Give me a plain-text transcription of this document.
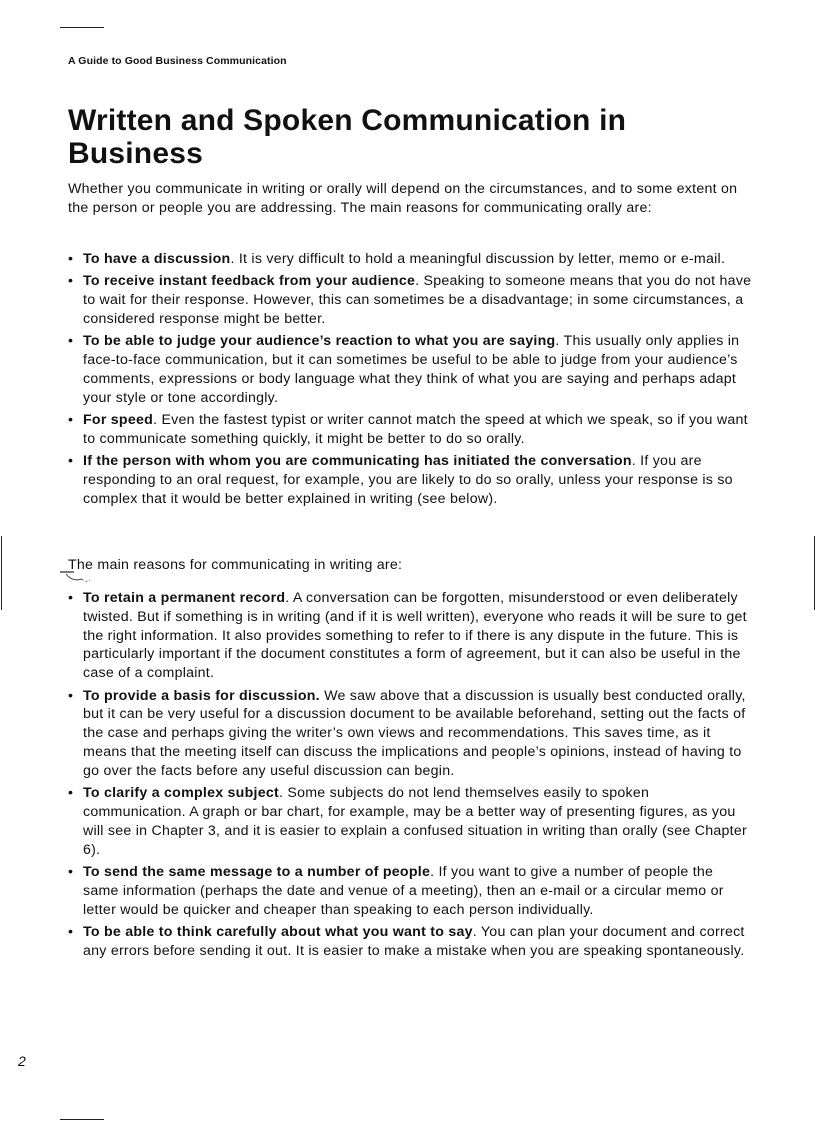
A Guide to Good Business Communication
Written and Spoken Communication in Business

Whether you communicate in writing or orally will depend on the circumstances, and to some extent on the person or people you are addressing. The main reasons for communicating orally are:

• To have a discussion. It is very difficult to hold a meaningful discussion by letter, memo or e-mail.
• To receive instant feedback from your audience. Speaking to someone means that you do not have to wait for their response. However, this can sometimes be a disadvantage; in some circumstances, a considered response might be better.
• To be able to judge your audience’s reaction to what you are saying. This usually only applies in face-to-face communication, but it can sometimes be useful to be able to judge from your audience’s comments, expressions or body language what they think of what you are saying and perhaps adapt your style or tone accordingly.
• For speed. Even the fastest typist or writer cannot match the speed at which we speak, so if you want to communicate something quickly, it might be better to do so orally.
• If the person with whom you are communicating has initiated the conversation. If you are responding to an oral request, for example, you are likely to do so orally, unless your response is so complex that it would be better explained in writing (see below).

The main reasons for communicating in writing are:

• To retain a permanent record. A conversation can be forgotten, misunderstood or even deliberately twisted. But if something is in writing (and if it is well written), everyone who reads it will be sure to get the right information. It also provides something to refer to if there is any dispute in the future. This is particularly important if the document constitutes a form of agreement, but it can also be useful in the case of a complaint.
• To provide a basis for discussion. We saw above that a discussion is usually best conducted orally, but it can be very useful for a discussion document to be available beforehand, setting out the facts of the case and perhaps giving the writer’s own views and recommendations. This saves time, as it means that the meeting itself can discuss the implications and people’s opinions, instead of having to go over the facts before any useful discussion can begin.
• To clarify a complex subject. Some subjects do not lend themselves easily to spoken communication. A graph or bar chart, for example, may be a better way of presenting figures, as you will see in Chapter 3, and it is easier to explain a confused situation in writing than orally (see Chapter 6).
• To send the same message to a number of people. If you want to give a number of people the same information (perhaps the date and venue of a meeting), then an e-mail or a circular memo or letter would be quicker and cheaper than speaking to each person individually.
• To be able to think carefully about what you want to say. You can plan your document and correct any errors before sending it out. It is easier to make a mistake when you are speaking spontaneously.
2
